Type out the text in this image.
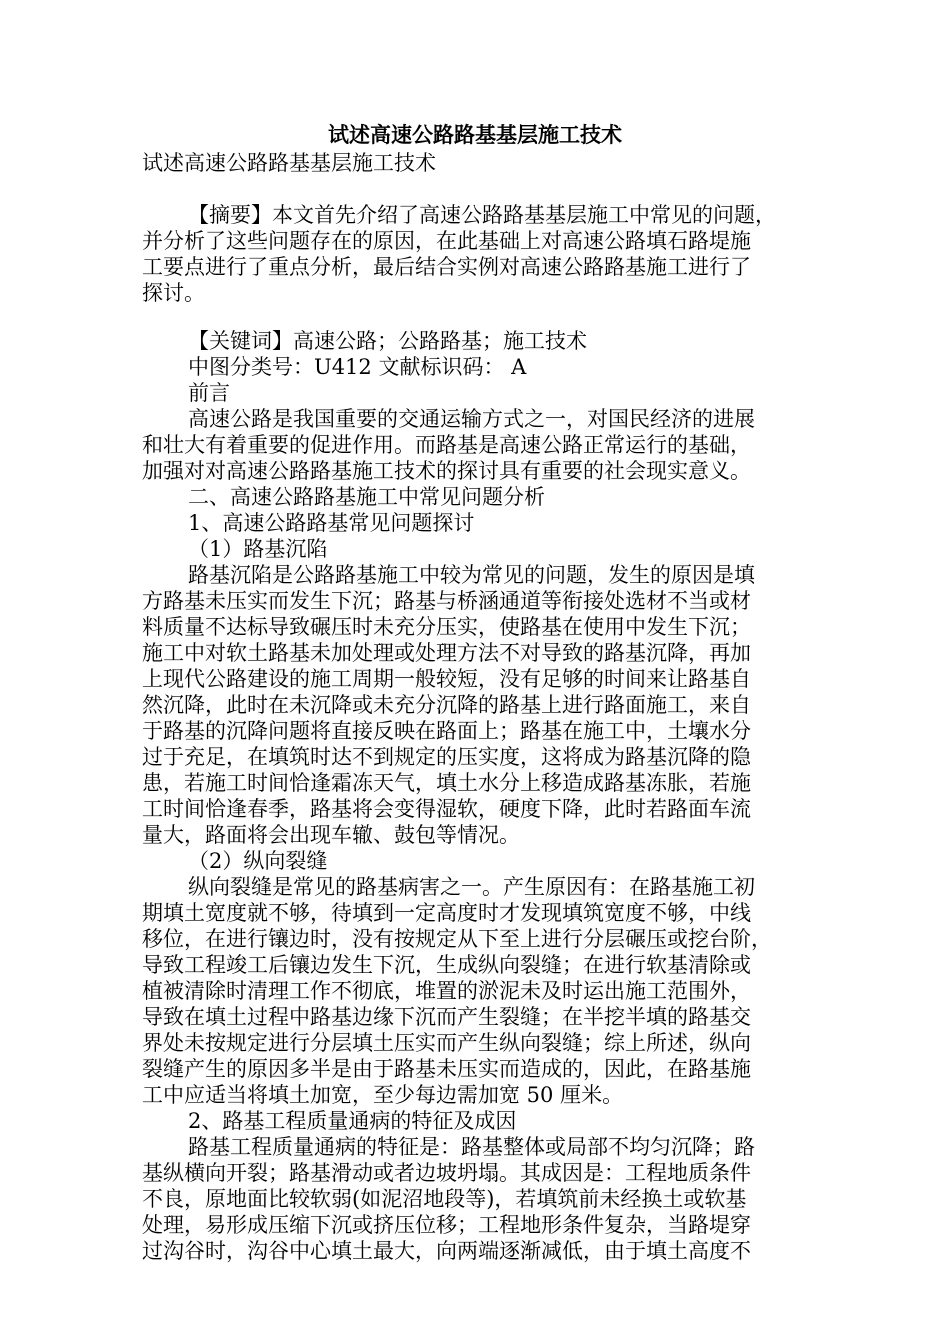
试述高速公路路基基层施工技术
试述高速公路路基基层施工技术
【摘要】本文首先介绍了高速公路路基基层施工中常见的问题，
并分析了这些问题存在的原因，在此基础上对高速公路填石路堤施
工要点进行了重点分析，最后结合实例对高速公路路基施工进行了
探讨。
【关键词】高速公路；公路路基；施工技术
中图分类号：U412 文献标识码： A
前言
高速公路是我国重要的交通运输方式之一，对国民经济的进展
和壮大有着重要的促进作用。而路基是高速公路正常运行的基础，
加强对对高速公路路基施工技术的探讨具有重要的社会现实意义。
二、高速公路路基施工中常见问题分析
1、高速公路路基常见问题探讨
（1）路基沉陷
路基沉陷是公路路基施工中较为常见的问题，发生的原因是填
方路基未压实而发生下沉；路基与桥涵通道等衔接处选材不当或材
料质量不达标导致碾压时未充分压实，使路基在使用中发生下沉；
施工中对软土路基未加处理或处理方法不对导致的路基沉降，再加
上现代公路建设的施工周期一般较短，没有足够的时间来让路基自
然沉降，此时在未沉降或未充分沉降的路基上进行路面施工，来自
于路基的沉降问题将直接反映在路面上；路基在施工中，土壤水分
过于充足，在填筑时达不到规定的压实度，这将成为路基沉降的隐
患，若施工时间恰逢霜冻天气，填土水分上移造成路基冻胀，若施
工时间恰逢春季，路基将会变得湿软，硬度下降，此时若路面车流
量大，路面将会出现车辙、鼓包等情况。
（2）纵向裂缝
纵向裂缝是常见的路基病害之一。产生原因有：在路基施工初
期填土宽度就不够，待填到一定高度时才发现填筑宽度不够，中线
移位，在进行镶边时，没有按规定从下至上进行分层碾压或挖台阶，
导致工程竣工后镶边发生下沉，生成纵向裂缝；在进行软基清除或
植被清除时清理工作不彻底，堆置的淤泥未及时运出施工范围外，
导致在填土过程中路基边缘下沉而产生裂缝；在半挖半填的路基交
界处未按规定进行分层填土压实而产生纵向裂缝；综上所述，纵向
裂缝产生的原因多半是由于路基未压实而造成的，因此，在路基施
工中应适当将填土加宽，至少每边需加宽 50 厘米。
2、路基工程质量通病的特征及成因
路基工程质量通病的特征是：路基整体或局部不均匀沉降；路
基纵横向开裂；路基滑动或者边坡坍塌。其成因是：工程地质条件
不良，原地面比较软弱(如泥沼地段等)，若填筑前未经换土或软基
处理，易形成压缩下沉或挤压位移；工程地形条件复杂，当路堤穿
过沟谷时，沟谷中心填土最大，向两端逐渐减低，由于填土高度不
